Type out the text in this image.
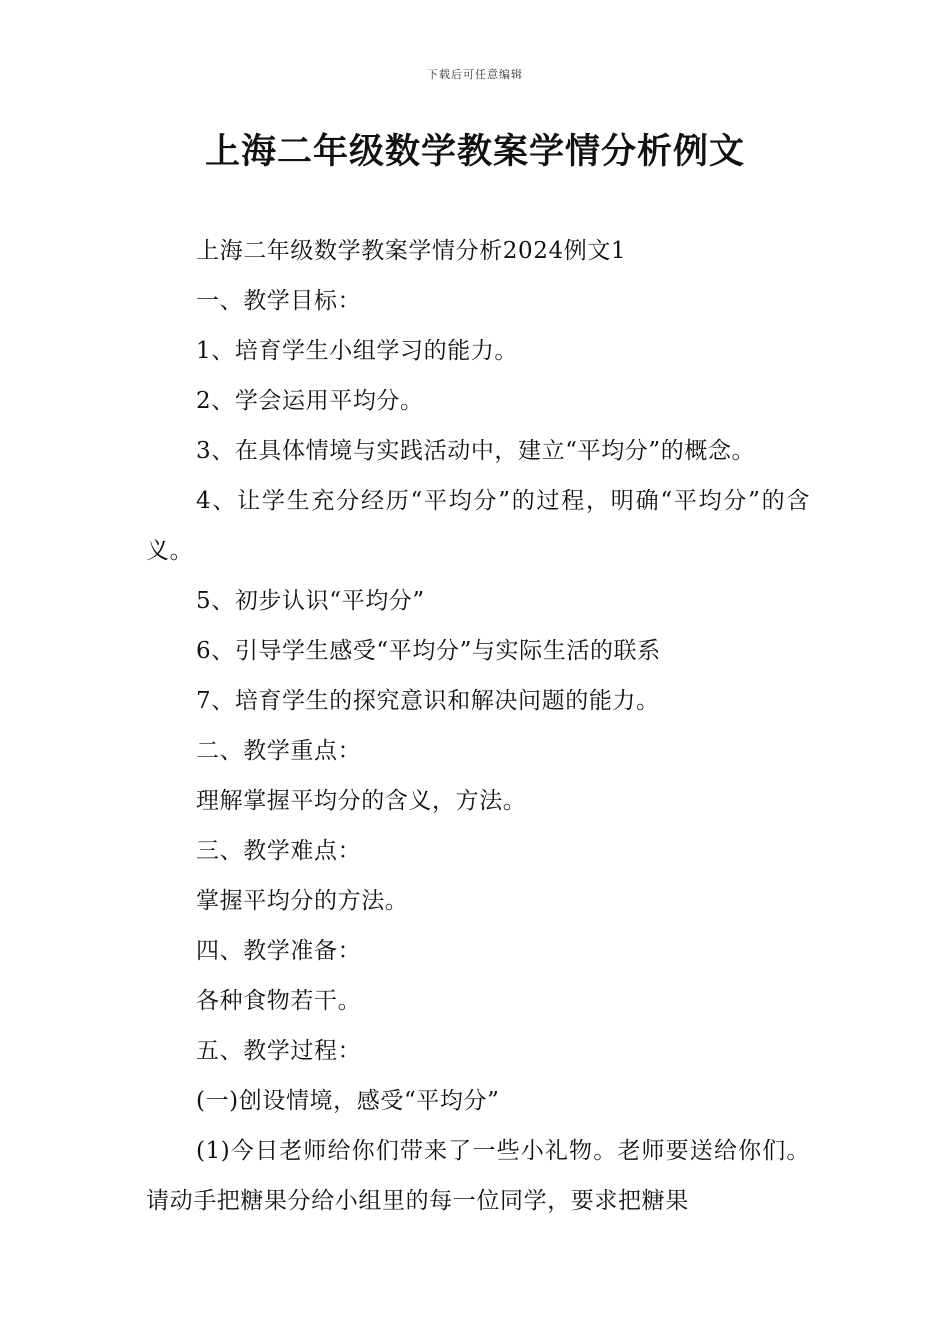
下载后可任意编辑
上海二年级数学教案学情分析例文

上海二年级数学教案学情分析2024例文1

一、教学目标：

1、培育学生小组学习的能力。

2、学会运用平均分。

3、在具体情境与实践活动中，建立“平均分”的概念。

4、让学生充分经历“平均分”的过程，明确“平均分”的含义。

5、初步认识“平均分”

6、引导学生感受“平均分”与实际生活的联系

7、培育学生的探究意识和解决问题的能力。

二、教学重点：

理解掌握平均分的含义，方法。

三、教学难点：

掌握平均分的方法。

四、教学准备：

各种食物若干。

五、教学过程：

(一)创设情境，感受“平均分”

(1)今日老师给你们带来了一些小礼物。老师要送给你们。请动手把糖果分给小组里的每一位同学，要求把糖果
